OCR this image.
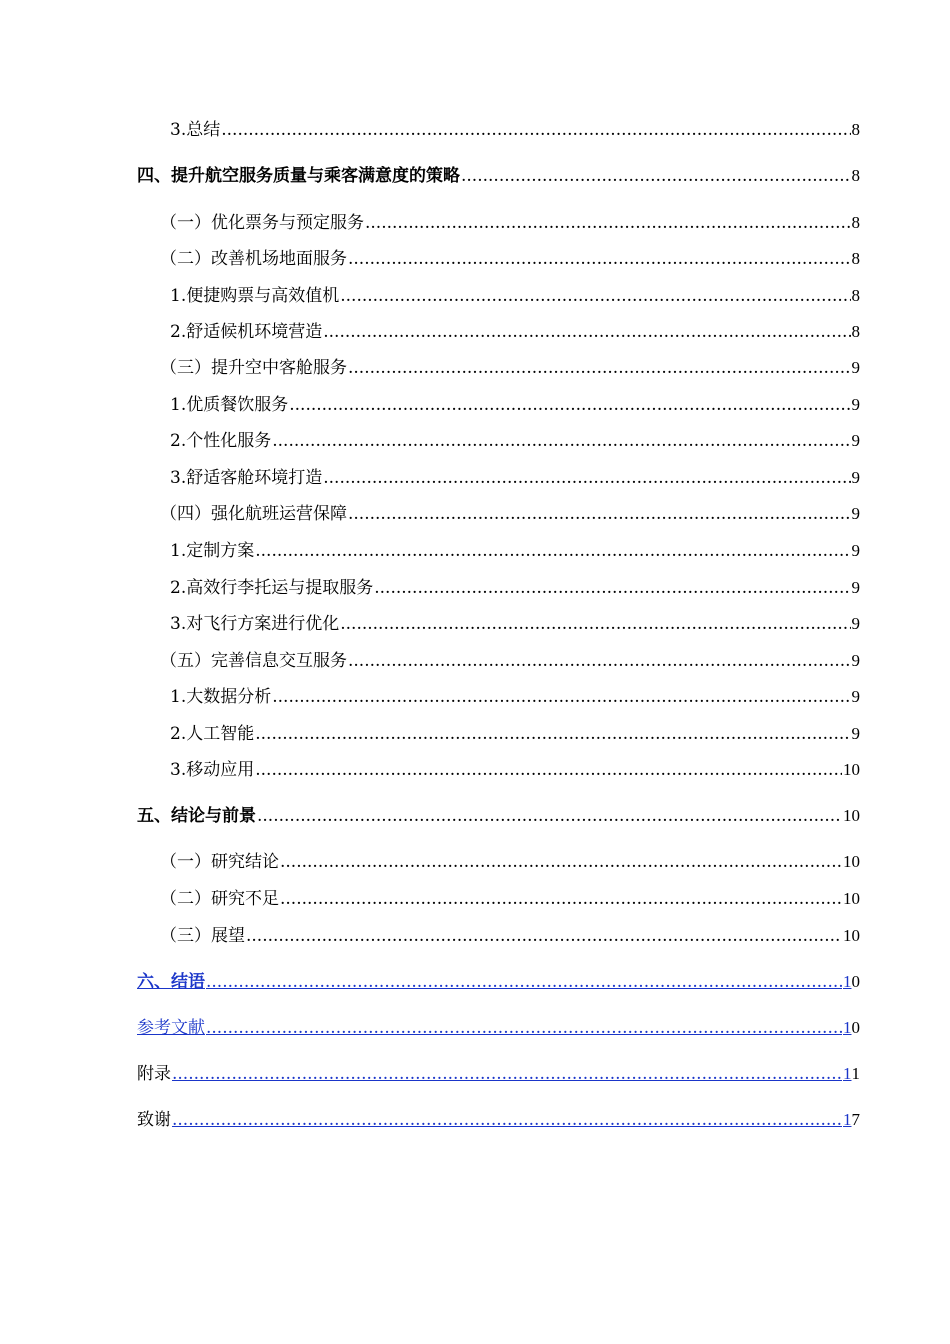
3.总结 .....	8
四、提升航空服务质量与乘客满意度的策略 .....	8
（一） 优化票务与预定服务 .....	8
（二） 改善机场地面服务 .....	8
1.便捷购票与高效值机 .....	8
2.舒适候机环境营造 .....	8
（三） 提升空中客舱服务 .....	9
1.优质餐饮服务 .....	9
2.个性化服务 .....	9
3.舒适客舱环境打造 .....	9
（四） 强化航班运营保障 .....	9
1.定制方案 .....	9
2.高效行李托运与提取服务 .....	9
3.对飞行方案进行优化 .....	9
（五） 完善信息交互服务 .....	9
1.大数据分析 .....	9
2.人工智能 .....	9
3.移动应用 .....	10
五、 结论与前景 .....	10
（一） 研究结论 .....	10
（二） 研究不足 .....	10
（三） 展望 .....	10
六、结语 .....	1 0
参考文献 .....	1 0
附录 .....	1 1
致谢 .....	1 7
